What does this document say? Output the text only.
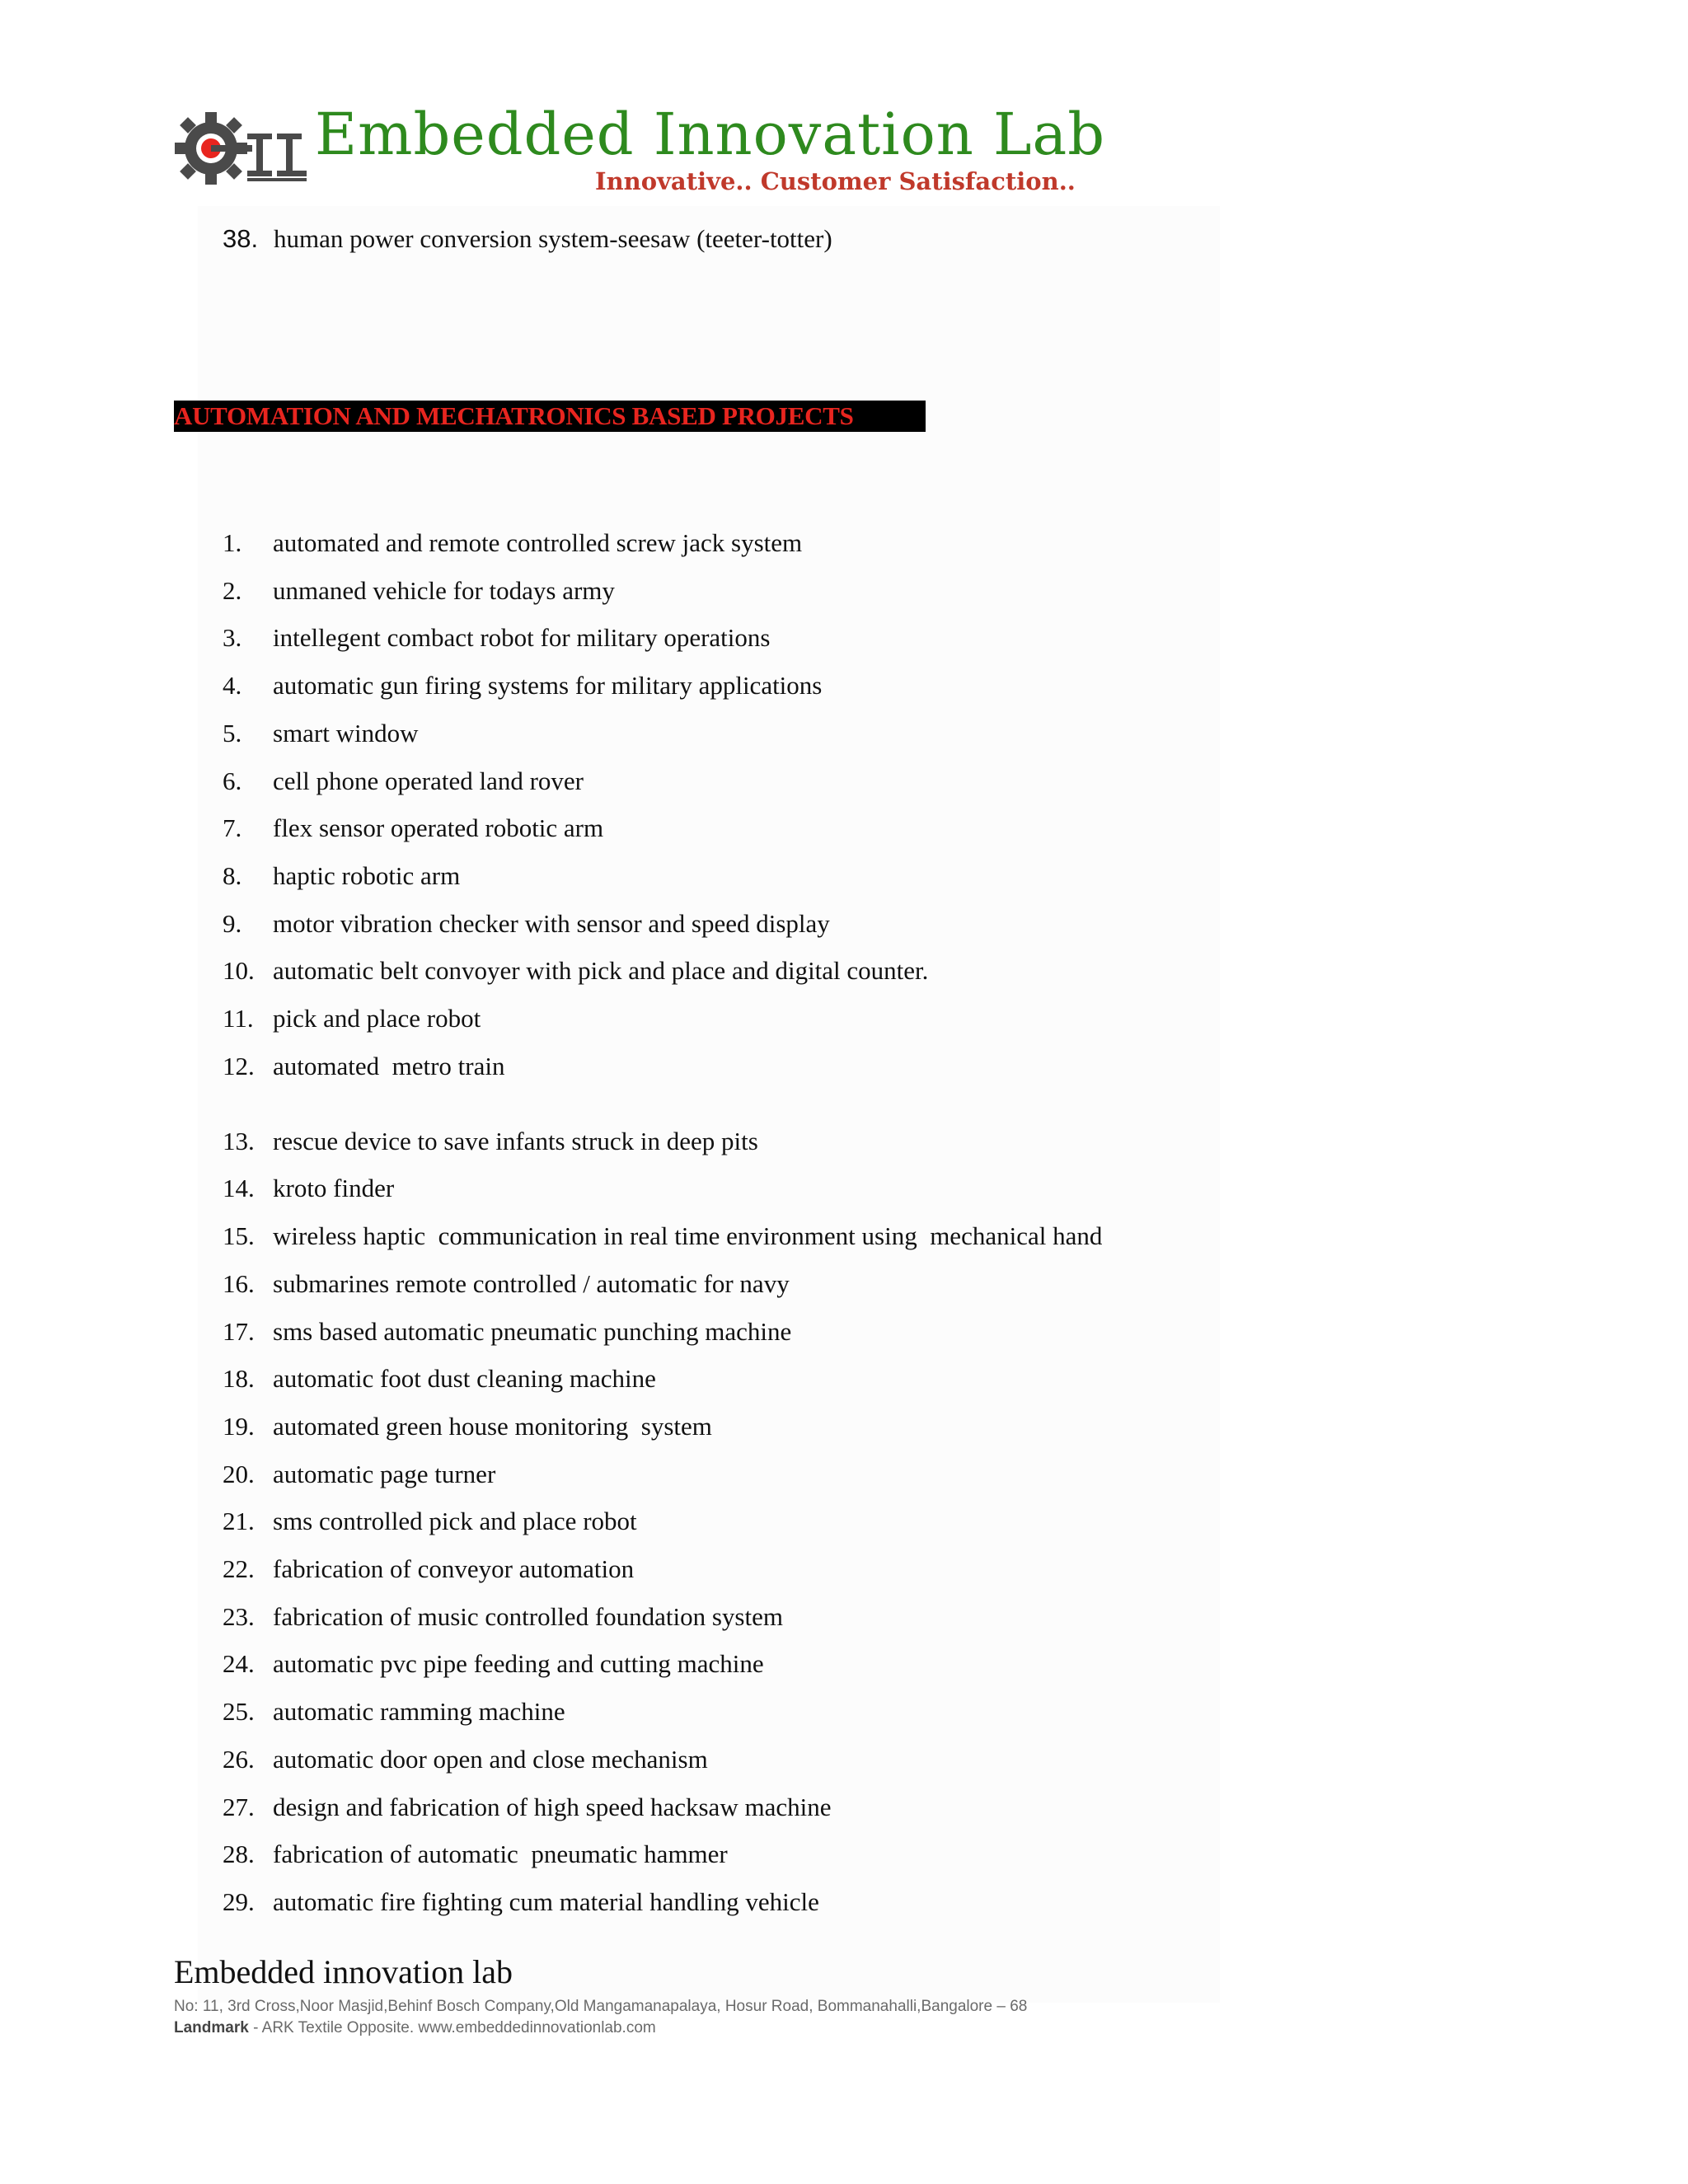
Embedded Innovation Lab
Innovative.. Customer Satisfaction..
38. human power conversion system-seesaw (teeter-totter)
AUTOMATION AND MECHATRONICS BASED PROJECTS
1. automated and remote controlled screw jack system
2. unmaned vehicle for todays army
3. intellegent combact robot for military operations
4. automatic gun firing systems for military applications
5. smart window
6. cell phone operated land rover
7. flex sensor operated robotic arm
8. haptic robotic arm
9. motor vibration checker with sensor and speed display
10. automatic belt convoyer with pick and place and digital counter.
11. pick and place robot
12. automated  metro train
13. rescue device to save infants struck in deep pits
14. kroto finder
15. wireless haptic  communication in real time environment using  mechanical hand
16. submarines remote controlled / automatic for navy
17. sms based automatic pneumatic punching machine
18. automatic foot dust cleaning machine
19. automated green house monitoring  system
20. automatic page turner
21. sms controlled pick and place robot
22. fabrication of conveyor automation
23. fabrication of music controlled foundation system
24. automatic pvc pipe feeding and cutting machine
25. automatic ramming machine
26. automatic door open and close mechanism
27. design and fabrication of high speed hacksaw machine
28. fabrication of automatic  pneumatic hammer
29. automatic fire fighting cum material handling vehicle
Embedded innovation lab
No: 11, 3rd Cross,Noor Masjid,Behinf Bosch Company,Old Mangamanapalaya, Hosur Road, Bommanahalli,Bangalore – 68
Landmark - ARK Textile Opposite. www.embeddedinnovationlab.com
